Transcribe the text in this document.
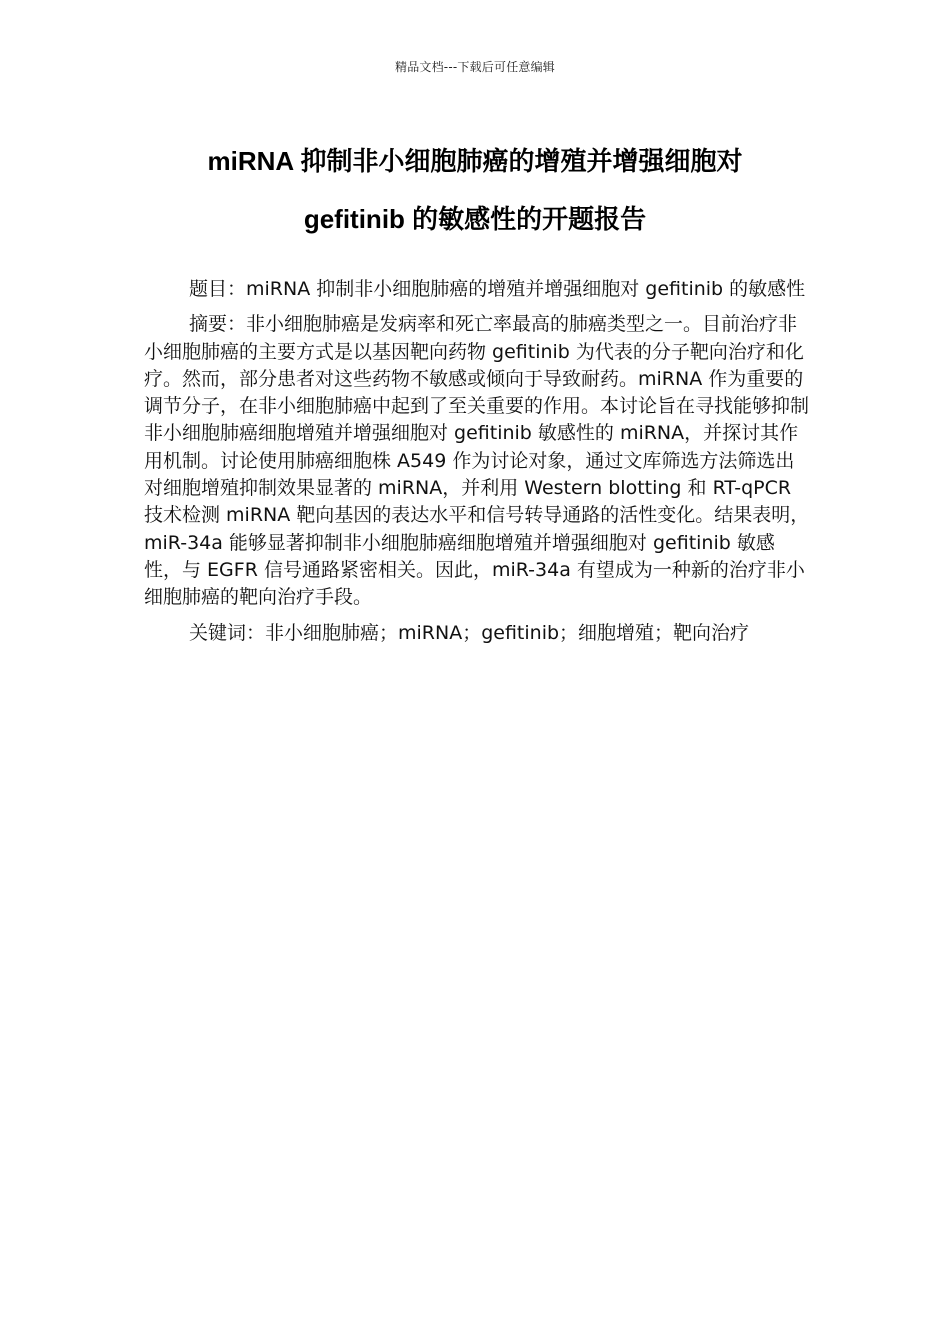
精品文档---下载后可任意编辑
miRNA 抑制非小细胞肺癌的增殖并增强细胞对
gefitinib 的敏感性的开题报告

题目：miRNA 抑制非小细胞肺癌的增殖并增强细胞对 gefitinib 的敏感性

摘要：非小细胞肺癌是发病率和死亡率最高的肺癌类型之一。目前治疗非小细胞肺癌的主要方式是以基因靶向药物 gefitinib 为代表的分子靶向治疗和化疗。然而，部分患者对这些药物不敏感或倾向于导致耐药。miRNA 作为重要的调节分子，在非小细胞肺癌中起到了至关重要的作用。本讨论旨在寻找能够抑制非小细胞肺癌细胞增殖并增强细胞对 gefitinib 敏感性的 miRNA，并探讨其作用机制。讨论使用肺癌细胞株 A549 作为讨论对象，通过文库筛选方法筛选出对细胞增殖抑制效果显著的 miRNA，并利用 Western blotting 和 RT-qPCR 技术检测 miRNA 靶向基因的表达水平和信号转导通路的活性变化。结果表明，miR-34a 能够显著抑制非小细胞肺癌细胞增殖并增强细胞对 gefitinib 敏感性，与 EGFR 信号通路紧密相关。因此，miR-34a 有望成为一种新的治疗非小细胞肺癌的靶向治疗手段。

关键词：非小细胞肺癌；miRNA；gefitinib；细胞增殖；靶向治疗
